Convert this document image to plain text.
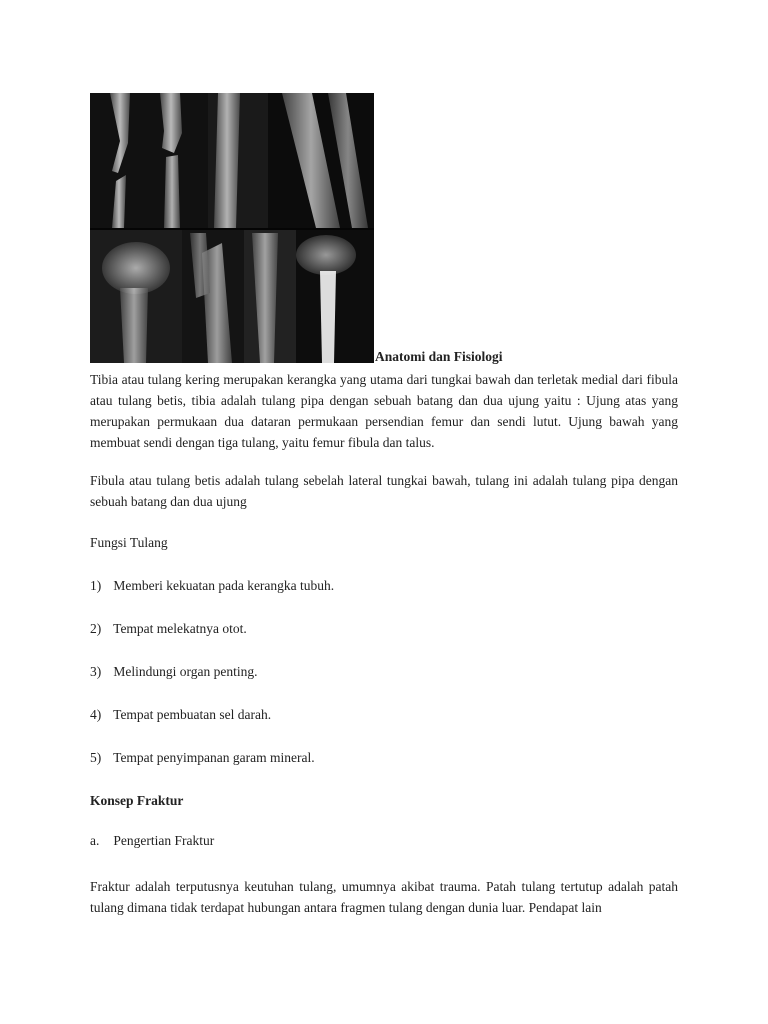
Anatomi dan Fisiologi

Tibia atau tulang kering merupakan kerangka yang utama dari tungkai bawah dan terletak medial dari fibula atau tulang betis, tibia adalah tulang pipa dengan sebuah batang dan dua ujung yaitu : Ujung atas yang merupakan permukaan dua dataran permukaan persendian femur dan sendi lutut. Ujung bawah yang membuat sendi dengan tiga tulang, yaitu femur fibula dan talus.

Fibula atau tulang betis adalah tulang sebelah lateral tungkai bawah, tulang ini adalah tulang pipa dengan sebuah batang dan dua ujung

Fungsi Tulang

1) Memberi kekuatan pada kerangka tubuh.

2) Tempat melekatnya otot.

3) Melindungi organ penting.

4) Tempat pembuatan sel darah.

5) Tempat penyimpanan garam mineral.

Konsep Fraktur

a. Pengertian Fraktur

Fraktur adalah terputusnya keutuhan tulang, umumnya akibat trauma. Patah tulang tertutup adalah patah tulang dimana tidak terdapat hubungan antara fragmen tulang dengan dunia luar. Pendapat lain
